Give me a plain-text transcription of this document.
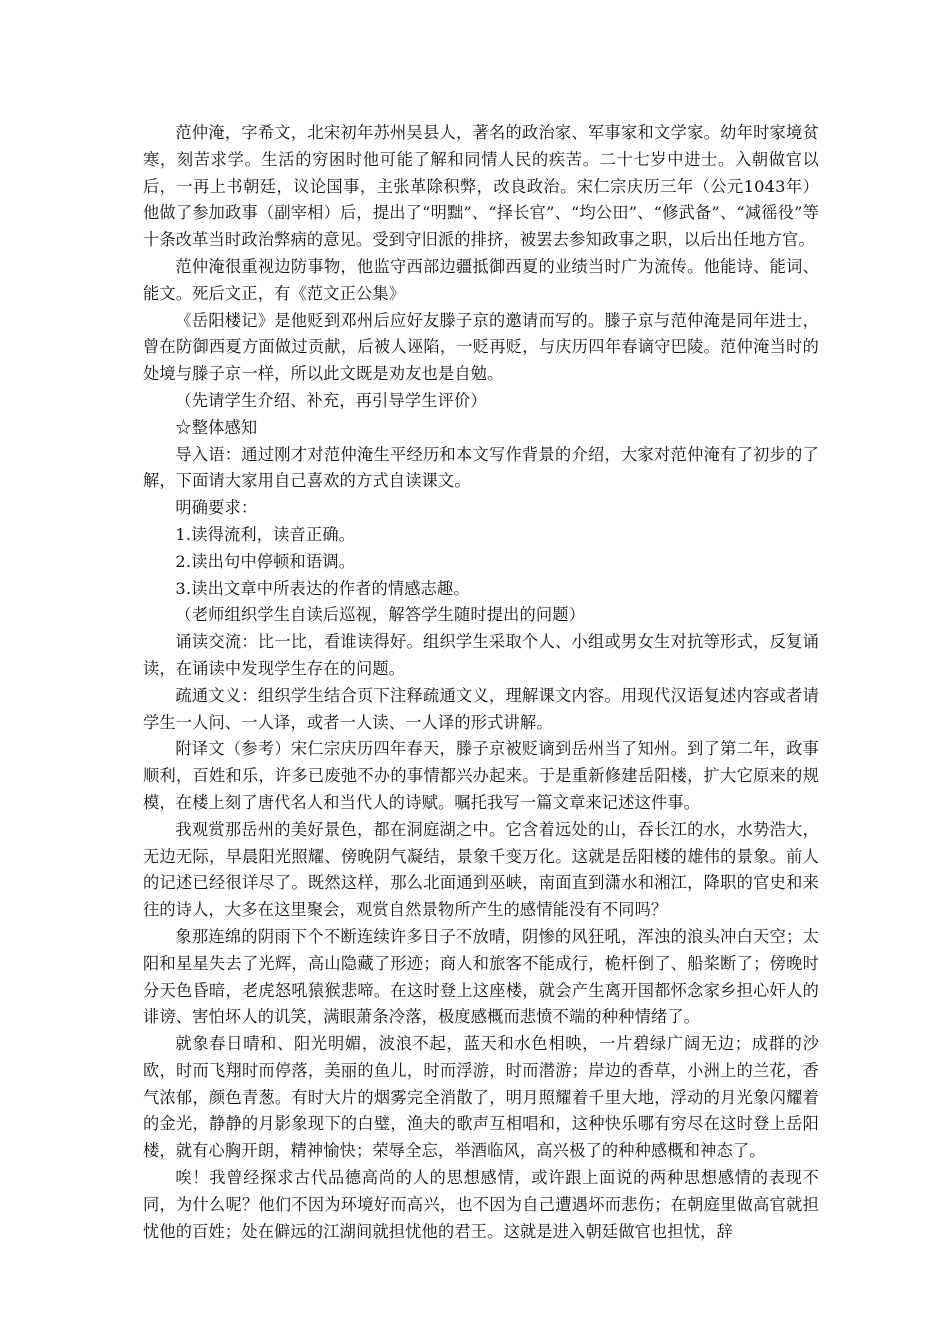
范仲淹，字希文，北宋初年苏州吴县人，著名的政治家、军事家和文学家。幼年时家境贫寒，刻苦求学。生活的穷困时他可能了解和同情人民的疾苦。二十七岁中进士。入朝做官以后，一再上书朝廷，议论国事，主张革除积弊，改良政治。宋仁宗庆历三年（公元1043年）他做了参加政事（副宰相）后，提出了“明黜”、“择长官”、“均公田”、“修武备”、“减徭役”等十条改革当时政治弊病的意见。受到守旧派的排挤，被罢去参知政事之职，以后出任地方官。

范仲淹很重视边防事物，他监守西部边疆抵御西夏的业绩当时广为流传。他能诗、能词、能文。死后文正，有《范文正公集》

《岳阳楼记》是他贬到邓州后应好友滕子京的邀请而写的。滕子京与范仲淹是同年进士，曾在防御西夏方面做过贡献，后被人诬陷，一贬再贬，与庆历四年春谪守巴陵。范仲淹当时的处境与滕子京一样，所以此文既是劝友也是自勉。

（先请学生介绍、补充，再引导学生评价）

☆整体感知

导入语：通过刚才对范仲淹生平经历和本文写作背景的介绍，大家对范仲淹有了初步的了解，下面请大家用自己喜欢的方式自读课文。

明确要求：

1.读得流利，读音正确。

2.读出句中停顿和语调。

3.读出文章中所表达的作者的情感志趣。

（老师组织学生自读后巡视，解答学生随时提出的问题）

诵读交流：比一比，看谁读得好。组织学生采取个人、小组或男女生对抗等形式，反复诵读，在诵读中发现学生存在的问题。

疏通文义：组织学生结合页下注释疏通文义，理解课文内容。用现代汉语复述内容或者请学生一人问、一人译，或者一人读、一人译的形式讲解。

附译文（参考）宋仁宗庆历四年春天，滕子京被贬谪到岳州当了知州。到了第二年，政事顺利，百姓和乐，许多已废弛不办的事情都兴办起来。于是重新修建岳阳楼，扩大它原来的规模，在楼上刻了唐代名人和当代人的诗赋。嘱托我写一篇文章来记述这件事。

我观赏那岳州的美好景色，都在洞庭湖之中。它含着远处的山，吞长江的水，水势浩大，无边无际，早晨阳光照耀、傍晚阴气凝结，景象千变万化。这就是岳阳楼的雄伟的景象。前人的记述已经很详尽了。既然这样，那么北面通到巫峡，南面直到潇水和湘江，降职的官史和来往的诗人，大多在这里聚会，观赏自然景物所产生的感情能没有不同吗？

象那连绵的阴雨下个不断连续许多日子不放晴，阴惨的风狂吼，浑浊的浪头冲白天空；太阳和星星失去了光辉，高山隐藏了形迹；商人和旅客不能成行，桅杆倒了、船桨断了；傍晚时分天色昏暗，老虎怒吼猿猴悲啼。在这时登上这座楼，就会产生离开国都怀念家乡担心奸人的诽谤、害怕坏人的讥笑，满眼萧条冷落，极度感概而悲愤不端的种种情绪了。

就象春日晴和、阳光明媚，波浪不起，蓝天和水色相映，一片碧绿广阔无边；成群的沙欧，时而飞翔时而停落，美丽的鱼儿，时而浮游，时而潜游；岸边的香草，小洲上的兰花，香气浓郁，颜色青葱。有时大片的烟雾完全消散了，明月照耀着千里大地，浮动的月光象闪耀着的金光，静静的月影象现下的白璧，渔夫的歌声互相唱和，这种快乐哪有穷尽在这时登上岳阳楼，就有心胸开朗，精神愉快；荣辱全忘，举酒临风，高兴极了的种种感概和神态了。

唉！我曾经探求古代品德高尚的人的思想感情，或许跟上面说的两种思想感情的表现不同，为什么呢？他们不因为环境好而高兴，也不因为自己遭遇坏而悲伤；在朝庭里做高官就担忧他的百姓；处在僻远的江湖间就担忧他的君王。这就是进入朝廷做官也担忧，辞
